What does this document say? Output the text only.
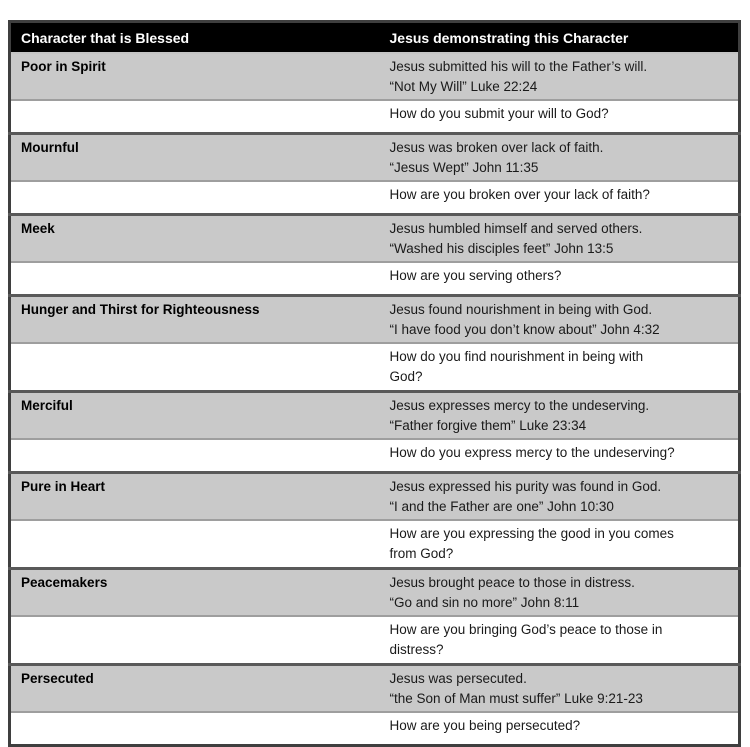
Character that is Blessed	Jesus demonstrating this Character
Poor in Spirit	Jesus submitted his will to the Father’s will.
“Not My Will” Luke 22:24

	How do you submit your will to God?

Mournful	Jesus was broken over lack of faith.
“Jesus Wept” John 11:35

	How are you broken over your lack of faith?

Meek	Jesus humbled himself and served others.
“Washed his disciples feet” John 13:5

	How are you serving others?

Hunger and Thirst for Righteousness	Jesus found nourishment in being with God.
“I have food you don’t know about” John 4:32

	How do you find nourishment in being with
God?

Merciful	Jesus expresses mercy to the undeserving.
“Father forgive them” Luke 23:34

	How do you express mercy to the undeserving?

Pure in Heart	Jesus expressed his purity was found in God.
“I and the Father are one” John 10:30

	How are you expressing the good in you comes
from God?

Peacemakers	Jesus brought peace to those in distress.
“Go and sin no more” John 8:11

	How are you bringing God’s peace to those in
distress?

Persecuted	Jesus was persecuted.
“the Son of Man must suffer” Luke 9:21-23

	How are you being persecuted?
